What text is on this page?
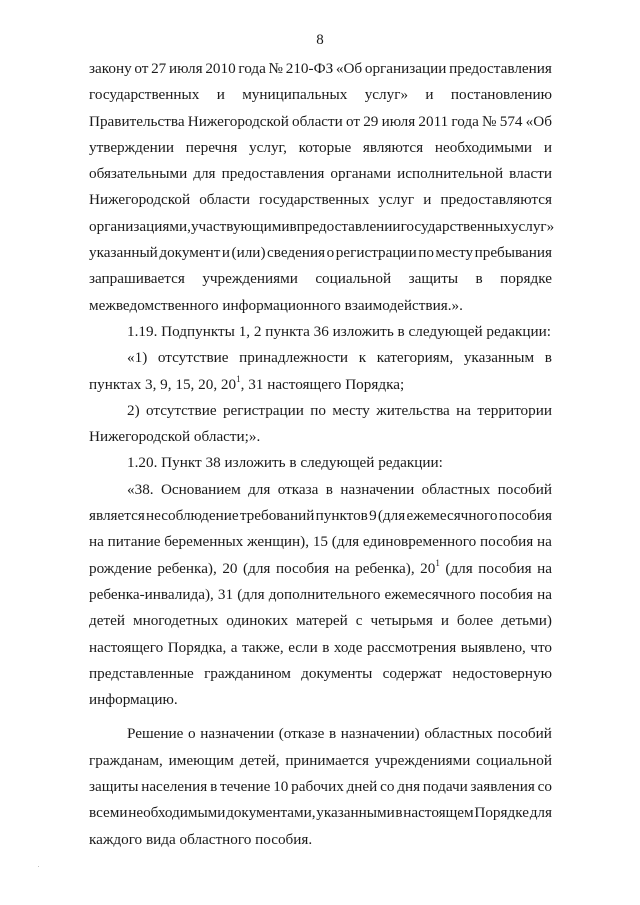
8
закону от 27 июля 2010 года № 210-ФЗ «Об организации предоставления
государственных и муниципальных услуг» и постановлению
Правительства Нижегородской области от 29 июля 2011 года № 574 «Об
утверждении перечня услуг, которые являются необходимыми и
обязательными для предоставления органами исполнительной власти
Нижегородской области государственных услуг и предоставляются
организациями, участвующими в предоставлении государственных услуг»
указанный документ и (или) сведения о регистрации по месту пребывания
запрашивается учреждениями социальной защиты в порядке
межведомственного информационного взаимодействия.».
1.19. Подпункты 1, 2 пункта 36 изложить в следующей редакции:
«1) отсутствие принадлежности к категориям, указанным в
пунктах 3, 9, 15, 20, $20^1$, 31 настоящего Порядка;
2) отсутствие регистрации по месту жительства на территории
Нижегородской области;».
1.20. Пункт 38 изложить в следующей редакции:
«38. Основанием для отказа в назначении областных пособий
является несоблюдение требований пунктов 9 (для ежемесячного пособия
на питание беременных женщин), 15 (для единовременного пособия на
рождение ребенка), 20 (для пособия на ребенка), $20^1$ (для пособия на
ребенка-инвалида), 31 (для дополнительного ежемесячного пособия на
детей многодетных одиноких матерей с четырьмя и более детьми)
настоящего Порядка, а также, если в ходе рассмотрения выявлено, что
представленные гражданином документы содержат недостоверную
информацию.
Решение о назначении (отказе в назначении) областных пособий
гражданам, имеющим детей, принимается учреждениями социальной
защиты населения в течение 10 рабочих дней со дня подачи заявления со
всеми необходимыми документами, указанными в настоящем Порядке для
каждого вида областного пособия.
